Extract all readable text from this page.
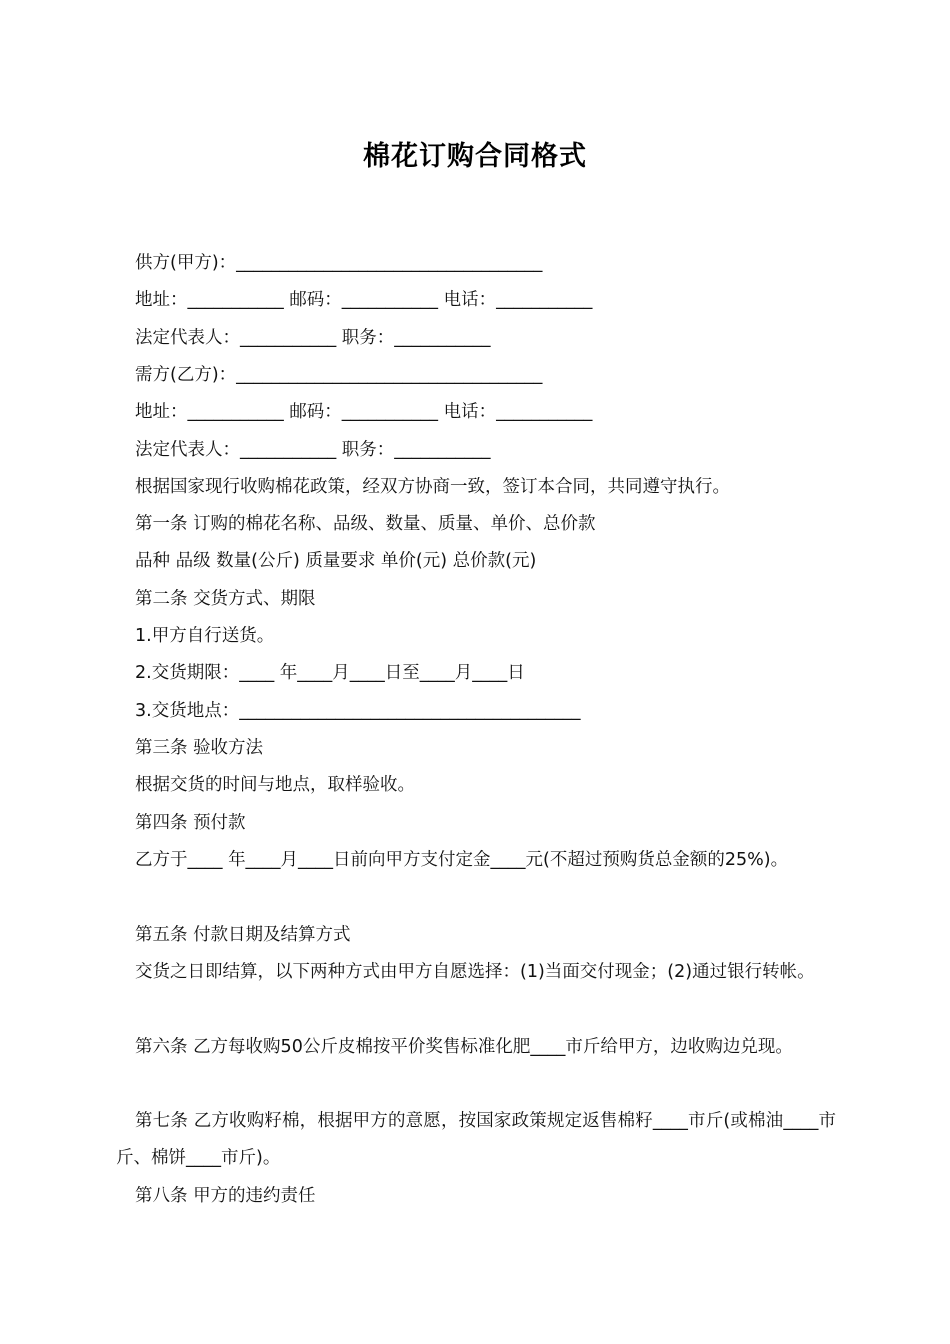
棉花订购合同格式
供方(甲方)：___________________________________
地址：___________ 邮码：___________ 电话：___________
法定代表人：___________ 职务：___________
需方(乙方)：___________________________________
地址：___________ 邮码：___________ 电话：___________
法定代表人：___________ 职务：___________
根据国家现行收购棉花政策，经双方协商一致，签订本合同，共同遵守执行。
第一条 订购的棉花名称、品级、数量、质量、单价、总价款
品种 品级 数量(公斤) 质量要求 单价(元) 总价款(元)
第二条 交货方式、期限
1.甲方自行送货。
2.交货期限：____ 年____月____日至____月____日
3.交货地点：_______________________________________
第三条 验收方法
根据交货的时间与地点，取样验收。
第四条 预付款
乙方于____ 年____月____日前向甲方支付定金____元(不超过预购货总金额的25%)。
第五条 付款日期及结算方式
交货之日即结算，以下两种方式由甲方自愿选择：(1)当面交付现金；(2)通过银行转帐。
第六条 乙方每收购50公斤皮棉按平价奖售标准化肥____市斤给甲方，边收购边兑现。
第七条 乙方收购籽棉，根据甲方的意愿，按国家政策规定返售棉籽____市斤(或棉油____市斤、棉饼____市斤)。
第八条 甲方的违约责任
